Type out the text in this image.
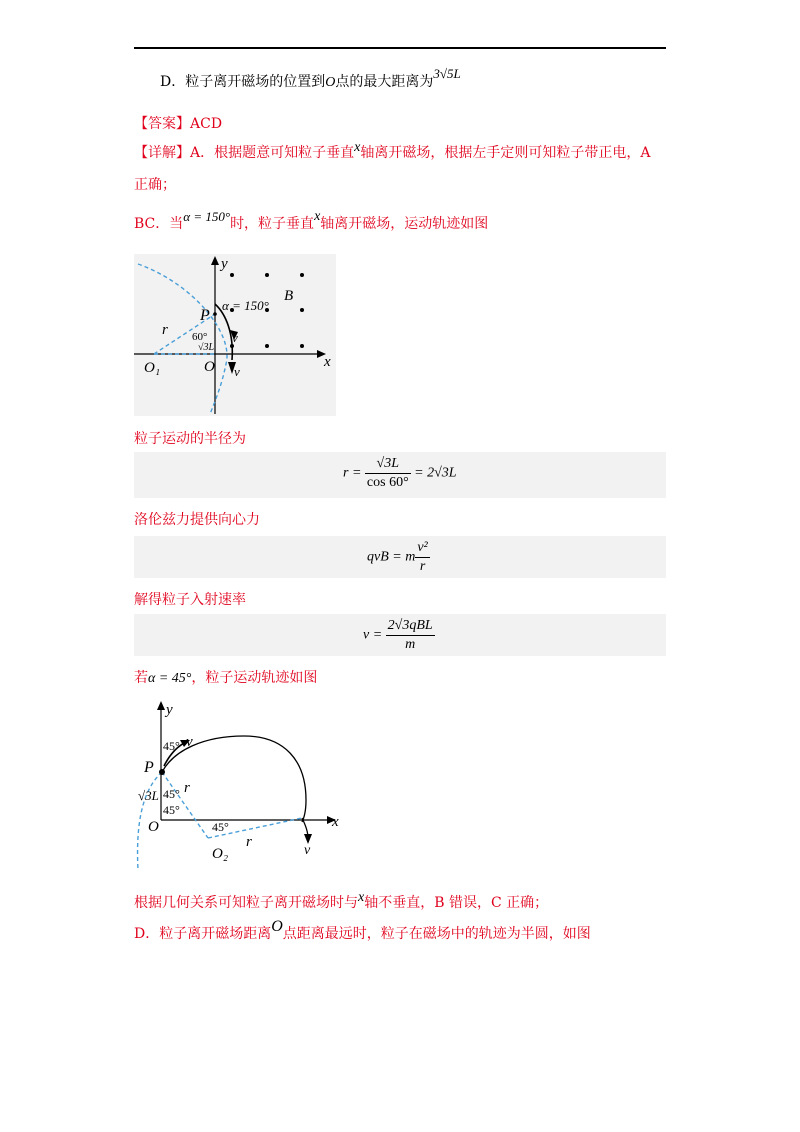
D．粒子离开磁场的位置到O点的最大距离为3√5L
【答案】ACD
【详解】A．根据题意可知粒子垂直x轴离开磁场，根据左手定则可知粒子带正电，A
正确；
BC．当α = 150°时，粒子垂直x轴离开磁场，运动轨迹如图
y
x
O
O₁
P
B
r	v
v
α = 150°
60°
√3L
粒子运动的半径为
$r = \frac{√3L}{\cos 60^\circ} = 2√3L$
洛伦兹力提供向心力
qvB = m $\frac{\text{v²}}{r}$
解得粒子入射速率
$v = \frac{\text{2√3qBL}}{m}$
若α = 45°，粒子运动轨迹如图
y
x
O
O₂
P
r
r
v
v
45°
45°
45°
45°
√3L
根据几何关系可知粒子离开磁场时与x轴不垂直，B 错误，C 正确；
D．粒子离开磁场距离O点距离最远时，粒子在磁场中的轨迹为半圆，如图
